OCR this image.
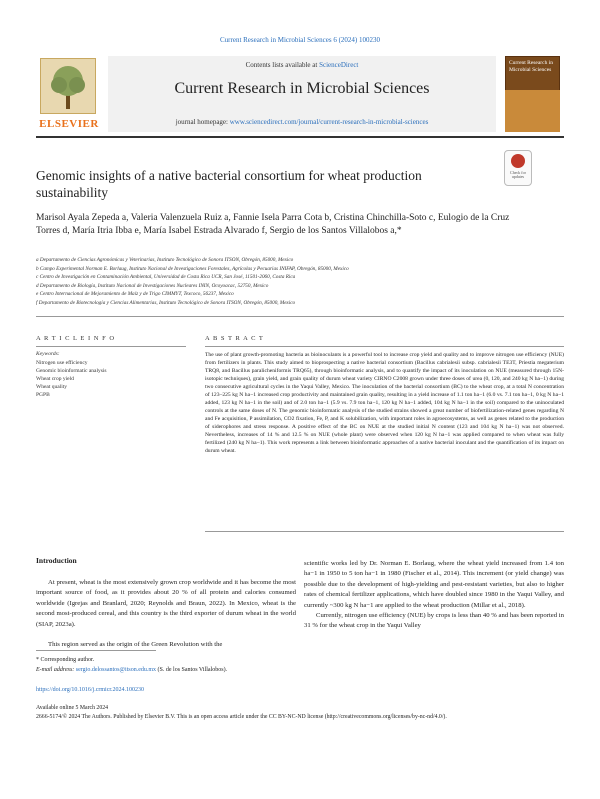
Current Research in Microbial Sciences 6 (2024) 100230
ELSEVIER
Contents lists available at ScienceDirect
Current Research in Microbial Sciences
journal homepage: www.sciencedirect.com/journal/current-research-in-microbial-sciences
Current Research in Microbial Sciences
Check for updates
Genomic insights of a native bacterial consortium for wheat production sustainability
Marisol Ayala Zepeda a, Valeria Valenzuela Ruiz a, Fannie Isela Parra Cota b, Cristina Chinchilla-Soto c, Eulogio de la Cruz Torres d, María Itria Ibba e, María Isabel Estrada Alvarado f, Sergio de los Santos Villalobos a,*
a Departamento de Ciencias Agronómicas y Veterinarias, Instituto Tecnológico de Sonora ITSON, Obregón, 85000, Mexico
b Campo Experimental Norman E. Borlaug, Instituto Nacional de Investigaciones Forestales, Agrícolas y Pecuarias INIFAP, Obregón, 85000, Mexico
c Centro de Investigación en Contaminación Ambiental, Universidad de Costa Rica UCR, San José, 11501-2060, Costa Rica
d Departamento de Biología, Instituto Nacional de Investigaciones Nucleares ININ, Ocoyoacac, 52750, Mexico
e Centro Internacional de Mejoramiento de Maíz y de Trigo CIMMYT, Texcoco, 56237, Mexico
f Departamento de Biotecnología y Ciencias Alimentarias, Instituto Tecnológico de Sonora ITSON, Obregón, 85000, Mexico
A R T I C L E I N F O
Keywords:
Nitrogen use efficiency
Genomic bioinformatic analysis
Wheat crop yield
Wheat quality
PGPB
A B S T R A C T
The use of plant growth-promoting bacteria as bioinoculants is a powerful tool to increase crop yield and quality and to improve nitrogen use efficiency (NUE) from fertilizers in plants. This study aimed to bioprospecting a native bacterial consortium (Bacillus cabrialesii subsp. cabrialesii TE3T, Priestia megaterium TRQ8, and Bacillus paralicheniformis TRQ65), through bioinformatic analysis, and to quantify the impact of its inoculation on NUE (measured through 15N-isotopic techniques), grain yield, and grain quality of durum wheat variety CIRNO C2008 grown under three doses of urea (0, 120, and 240 kg N ha−1) during two consecutive agricultural cycles in the Yaqui Valley, Mexico. The inoculation of the bacterial consortium (BC) to the wheat crop, at a total N concentration of 123–225 kg N ha−1 increased crop productivity and maintained grain quality, resulting in a yield increase of 1.1 ton ha−1 (6.0 vs. 7.1 ton ha−1, 0 kg N ha−1 added, 123 kg N ha−1 in the soil) and of 2.0 ton ha−1 (5.9 vs. 7.9 ton ha−1, 120 kg N ha−1 added, 104 kg N ha−1 in the soil) compared to the uninoculated controls at the same doses of N. The genomic bioinformatic analysis of the studied strains showed a great number of biofertilization-related genes regarding N and Fe acquisition, P assimilation, CO2 fixation, Fe, P, and K solubilization, with important roles in agroecosystems, as well as genes related to the production of siderophores and stress response. A positive effect of the BC on NUE at the studied initial N content (123 and 104 kg N ha−1) was not observed. Nevertheless, increases of 14 % and 12.5 % on NUE (whole plant) were observed when 120 kg N ha−1 was applied compared to when wheat was fully fertilized (240 kg N ha−1). This work represents a link between bioinformatic approaches of a native bacterial inoculant and the quantification of its impact on durum wheat.
Introduction

At present, wheat is the most extensively grown crop worldwide and it has become the most important source of food, as it provides about 20 % of all protein and calories consumed worldwide (Igrejas and Branlard, 2020; Reynolds and Braun, 2022). In Mexico, wheat is the second most-produced cereal, and this country is the third exporter of durum wheat in the world (SIAP, 2023a).

This region served as the origin of the Green Revolution with the

scientific works led by Dr. Norman E. Borlaug, where the wheat yield increased from 1.4 ton ha−1 in 1950 to 5 ton ha−1 in 1980 (Fischer et al., 2014). This increment (or yield change) was possible due to the development of high-yielding and pest-resistant varieties, but also to higher rates of chemical fertilizer applications, which have doubled since 1980 in the Yaqui Valley, and currently ~300 kg N ha−1 are applied to the wheat production (Millar et al., 2018).

Currently, nitrogen use efficiency (NUE) by crops is less than 40 % and has been reported in 31 % for the wheat crop in the Yaqui Valley

* Corresponding author.
E-mail address: sergio.delossantos@itson.edu.mx (S. de los Santos Villalobos).
https://doi.org/10.1016/j.crmicr.2024.100230
Available online 5 March 2024
2666-5174/© 2024 The Authors. Published by Elsevier B.V. This is an open access article under the CC BY-NC-ND license (http://creativecommons.org/licenses/by-nc-nd/4.0/).
